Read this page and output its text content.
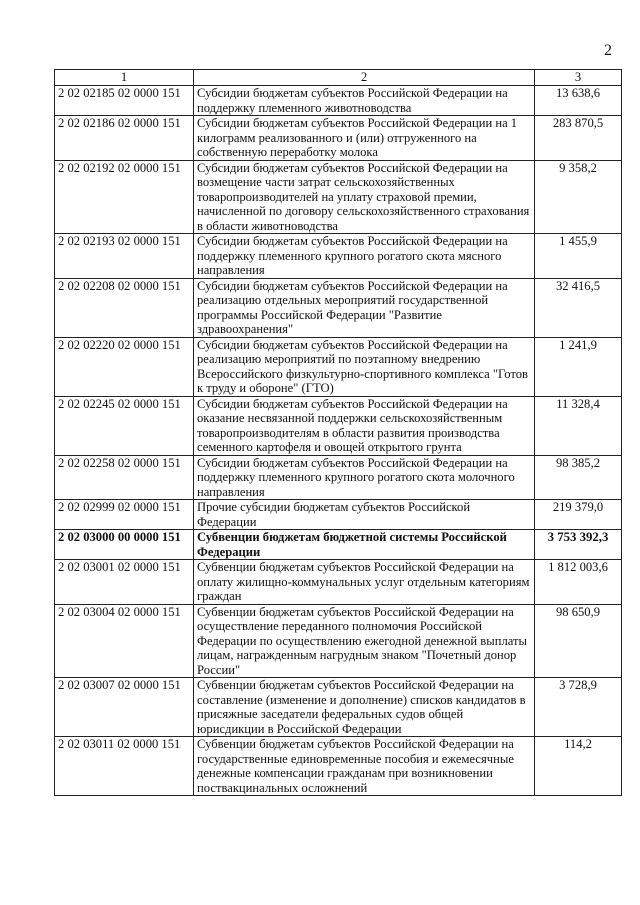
2
1	2	3
2 02 02185 02 0000 151	Субсидии бюджетам субъектов Российской Федерации на поддержку племенного животноводства	13 638,6
2 02 02186 02 0000 151	Субсидии бюджетам субъектов Российской Федерации на 1 килограмм реализованного и (или) отгруженного на собственную переработку молока	283 870,5
2 02 02192 02 0000 151	Субсидии бюджетам субъектов Российской Федерации на возмещение части затрат сельскохозяйственных товаропроизводителей на уплату страховой премии, начисленной по договору сельскохозяйственного страхования в области животноводства	9 358,2
2 02 02193 02 0000 151	Субсидии бюджетам субъектов Российской Федерации на поддержку племенного крупного рогатого скота мясного направления	1 455,9
2 02 02208 02 0000 151	Субсидии бюджетам субъектов Российской Федерации на реализацию отдельных мероприятий государственной программы Российской Федерации "Развитие здравоохранения"	32 416,5
2 02 02220 02 0000 151	Субсидии бюджетам субъектов Российской Федерации на реализацию мероприятий по поэтапному внедрению Всероссийского физкультурно-спортивного комплекса "Готов к труду и обороне" (ГТО)	1 241,9
2 02 02245 02 0000 151	Субсидии бюджетам субъектов Российской Федерации на оказание несвязанной поддержки сельскохозяйственным товаропроизводителям в области развития производства семенного картофеля и овощей открытого грунта	11 328,4
2 02 02258 02 0000 151	Субсидии бюджетам субъектов Российской Федерации на поддержку племенного крупного рогатого скота молочного направления	98 385,2
2 02 02999 02 0000 151	Прочие субсидии бюджетам субъектов Российской Федерации	219 379,0
2 02 03000 00 0000 151	Субвенции бюджетам бюджетной системы Российской Федерации	3 753 392,3
2 02 03001 02 0000 151	Субвенции бюджетам субъектов Российской Федерации на оплату жилищно-коммунальных услуг отдельным категориям граждан	1 812 003,6
2 02 03004 02 0000 151	Субвенции бюджетам субъектов Российской Федерации на осуществление переданного полномочия Российской Федерации по осуществлению ежегодной денежной выплаты лицам, награжденным нагрудным знаком "Почетный донор России"	98 650,9
2 02 03007 02 0000 151	Субвенции бюджетам субъектов Российской Федерации на составление (изменение и дополнение) списков кандидатов в присяжные заседатели федеральных судов общей юрисдикции в Российской Федерации	3 728,9
2 02 03011 02 0000 151	Субвенции бюджетам субъектов Российской Федерации на государственные единовременные пособия и ежемесячные денежные компенсации гражданам при возникновении поствакцинальных осложнений	114,2
